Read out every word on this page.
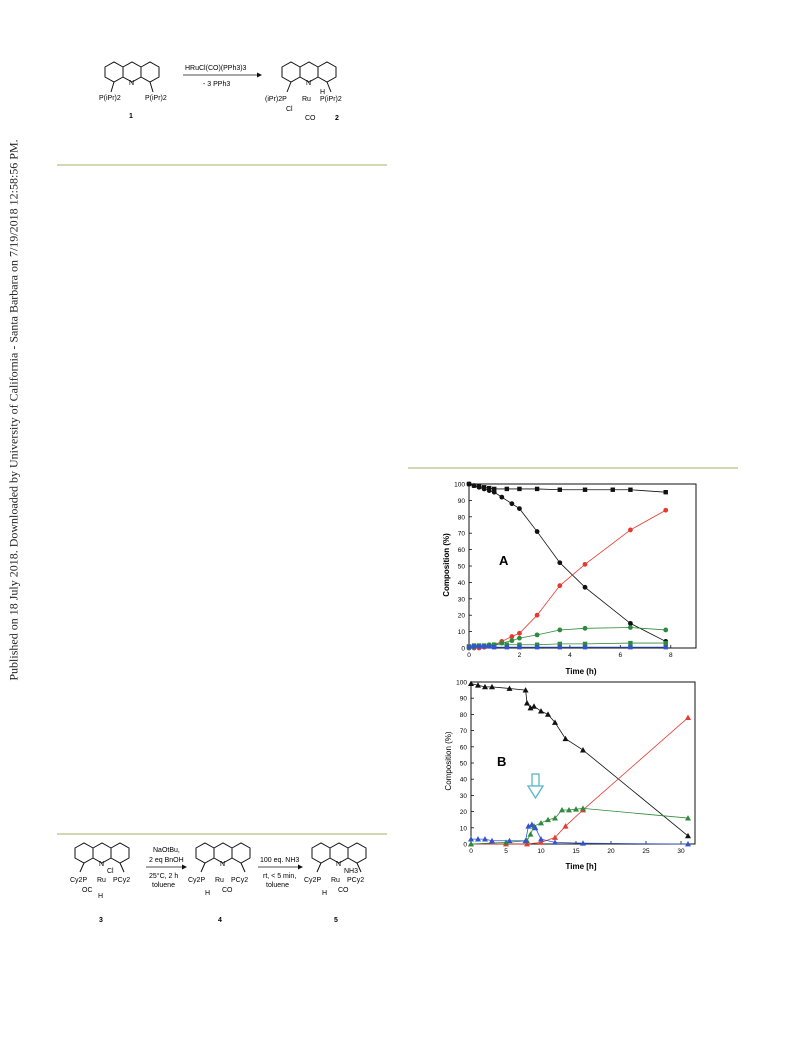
Published on 18 July 2018. Downloaded by University of California - Santa Barbara on 7/19/2018 12:58:56 PM.
N
P(iPr)2	P(iPr)2
1
HRuCl(CO)(PPh3)3
- 3 PPh3	N
H
(iPr)2P Ru P(iPr)2
Cl
CO	2
N
Cl
Cy2P Ru PCy2
OC
H
3
NaOtBu,
2 eq BnOH
25°C, 2 h
toluene
N
Cy2P Ru PCy2
H CO
4
100 eq. NH3
rt, < 5 min,
toluene
N
NH3
Cy2P Ru PCy2
H CO
5
0
10
20
30
40
50
60
70
80
90
100
0	2	4	6	8
A
Time (h)
Composition (%)
0
10
20
30
40
50
60
70
80
90
100
0	5	10	15	20	25	30
B
Time [h]
Composition (%)
